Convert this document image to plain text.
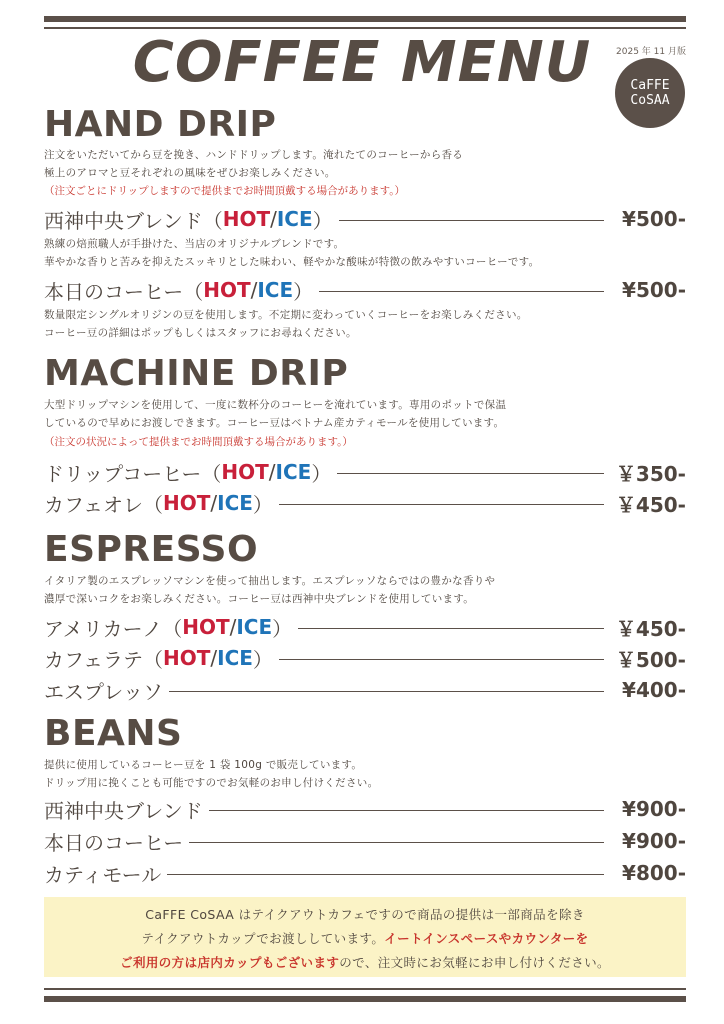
COFFEE MENU	2025 年 11 月版
CaFFE
CoSAA
HAND DRIP
注文をいただいてから豆を挽き、ハンドドリップします。淹れたてのコーヒーから香る
極上のアロマと豆それぞれの風味をぜひお楽しみください。
（注文ごとにドリップしますので提供までお時間頂戴する場合があります。）
西神中央ブレンド （ HOT / ICE ）	¥500-
熟練の焙煎職人が手掛けた、当店のオリジナルブレンドです。
華やかな香りと苦みを抑えたスッキリとした味わい、軽やかな酸味が特徴の飲みやすいコーヒーです。
本日のコーヒー （ HOT / ICE ）	¥500-
数量限定シングルオリジンの豆を使用します。不定期に変わっていくコーヒーをお楽しみください。
コーヒー豆の詳細はポップもしくはスタッフにお尋ねください。
MACHINE DRIP
大型ドリップマシンを使用して、一度に数杯分のコーヒーを淹れています。専用のポットで保温
しているので早めにお渡しできます。コーヒー豆はベトナム産カティモールを使用しています。
（注文の状況によって提供までお時間頂戴する場合があります。）
ドリップコーヒー （ HOT / ICE ）	￥350-
カフェオレ （ HOT / ICE ）	￥450-
ESPRESSO
イタリア製のエスプレッソマシンを使って抽出します。エスプレッソならではの豊かな香りや
濃厚で深いコクをお楽しみください。コーヒー豆は西神中央ブレンドを使用しています。
アメリカーノ （ HOT / ICE ）	￥450-
カフェラテ （ HOT / ICE ）	￥500-
エスプレッソ	¥400-
BEANS
提供に使用しているコーヒー豆を 1 袋 100g で販売しています。
ドリップ用に挽くことも可能ですのでお気軽のお申し付けください。
西神中央ブレンド	¥900-
本日のコーヒー	¥900-
カティモール	¥800-
CaFFE CoSAA はテイクアウトカフェですので商品の提供は一部商品を除き
テイクアウトカップでお渡ししています。イートインスペースやカウンターを
ご利用の方は店内カップもございますので、注文時にお気軽にお申し付けください。
